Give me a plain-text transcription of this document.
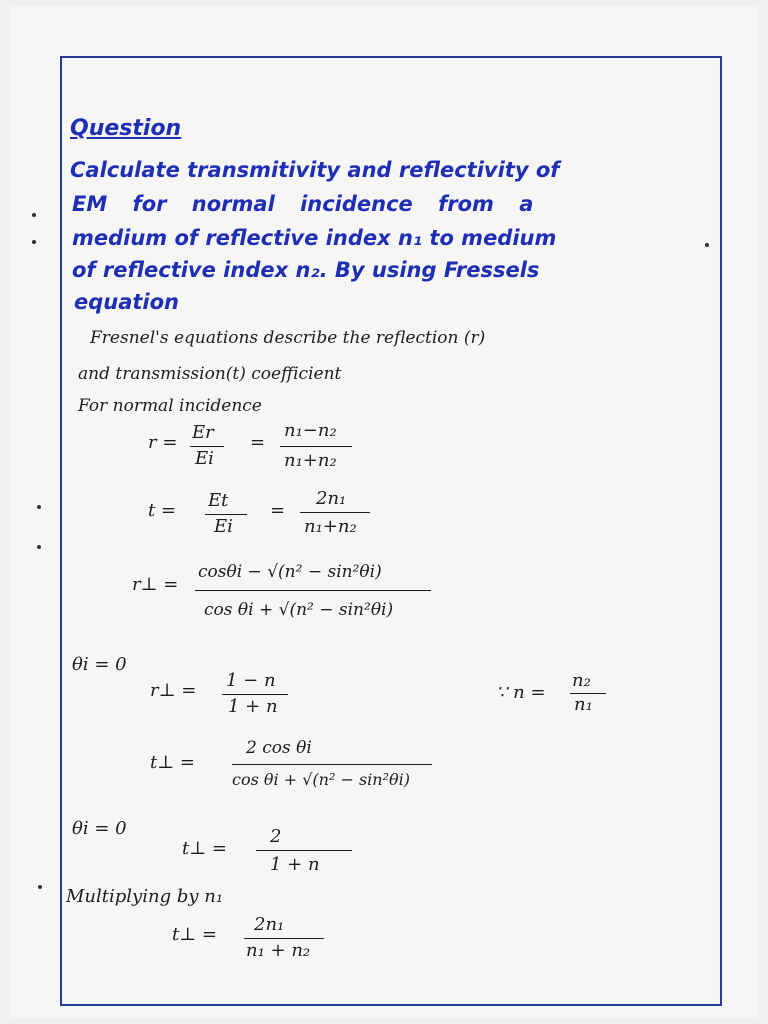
Question
Calculate transmitivity and reflectivity of
EM for normal incidence from a
medium of reflective index n₁ to medium
of reflective index n₂. By using Fressels
equation
Fresnel's equations describe the reflection (r)
and transmission(t) coefficient
For normal incidence
r = Er
Ei
=
n₁−n₂
n₁+n₂
t = Et
Ei
=
2n₁
n₁+n₂
r⊥ =
cosθi − √(n² − sin²θi)
cos θi + √(n² − sin²θi)
θi = 0
r⊥ = 1 − n
1 + n
∵ n =
n₂
n₁
t⊥ =
2 cos θi
cos θi + √(n² − sin²θi)
θi = 0
t⊥ =
2
1 + n
Multiplying by n₁
t⊥ = 2n₁
n₁ + n₂
